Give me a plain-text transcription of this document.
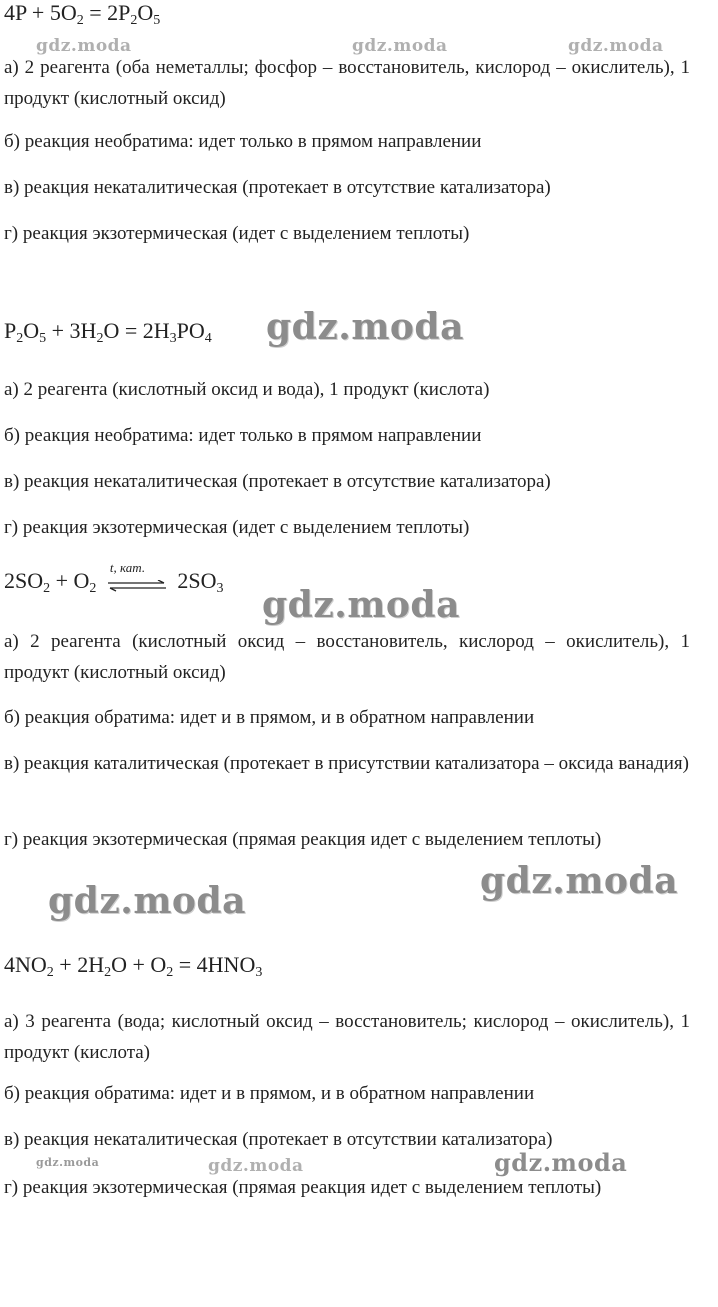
$4P + 5O_2 = 2P_2O_5$
gdz.moda	gdz.moda	gdz.moda
а) 2 реагента (оба неметаллы; фосфор – восстановитель, кислород – окислитель), 1 продукт (кислотный оксид)
б) реакция необратима: идет только в прямом направлении
в) реакция некаталитическая (протекает в отсутствие катализатора)
г) реакция экзотермическая (идет с выделением теплоты)
$P_2O_5 + 3H_2O = 2H_3PO_4$ gdz.moda
а) 2 реагента (кислотный оксид и вода), 1 продукт (кислота)
б) реакция необратима: идет только в прямом направлении
в) реакция некаталитическая (протекает в отсутствие катализатора)
г) реакция экзотермическая (идет с выделением теплоты)
$2SO_2 + O_2$
t, кат.
$2SO_3$ gdz.moda
а) 2 реагента (кислотный оксид – восстановитель, кислород – окислитель), 1 продукт (кислотный оксид)
б) реакция обратима: идет и в прямом, и в обратном направлении
в) реакция каталитическая (протекает в присутствии катализатора – оксида ванадия)
г) реакция экзотермическая (прямая реакция идет с выделением теплоты)
gdz.moda
gdz.moda
$4NO_2 + 2H_2O + O_2 = 4HNO_3$
а) 3 реагента (вода; кислотный оксид – восстановитель; кислород – окислитель), 1 продукт (кислота)
б) реакция обратима: идет и в прямом, и в обратном направлении
в) реакция некаталитическая (протекает в отсутствии катализатора)
gdz.moda	gdz.moda	gdz.moda
г) реакция экзотермическая (прямая реакция идет с выделением теплоты)
